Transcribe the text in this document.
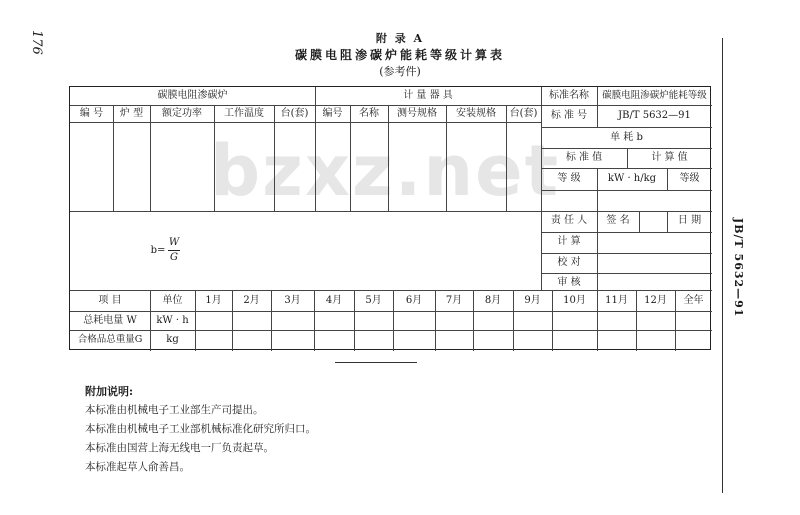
bzxz.net
176	附 录 A
碳膜电阻渗碳炉能耗等级计算表
(参考件)
JB/T 5632—91
碳膜电阻渗碳炉	计 量 器 具
编 号	炉 型	额定功率	工作温度	台(套)	编号	名称	测号规格	安装规格	台(套)
标准名称	碳膜电阻渗碳炉能耗等级
标 准 号	JB/T 5632—91
单 耗 b
标 准 值	计 算 值
等 级	kW · h/kg	等级
b=
W
G
责 任 人	签 名	日 期
计 算
校 对
审 核
项 目	单位	1月	2月	3月	4月	5月	6月	7月	8月	9月	10月	11月	12月	全年
总耗电量 W	kW · h
合格品总重量G	kg
附加说明:
本标准由机械电子工业部生产司提出。
本标准由机械电子工业部机械标准化研究所归口。
本标准由国营上海无线电一厂负责起草。
本标准起草人俞善昌。
